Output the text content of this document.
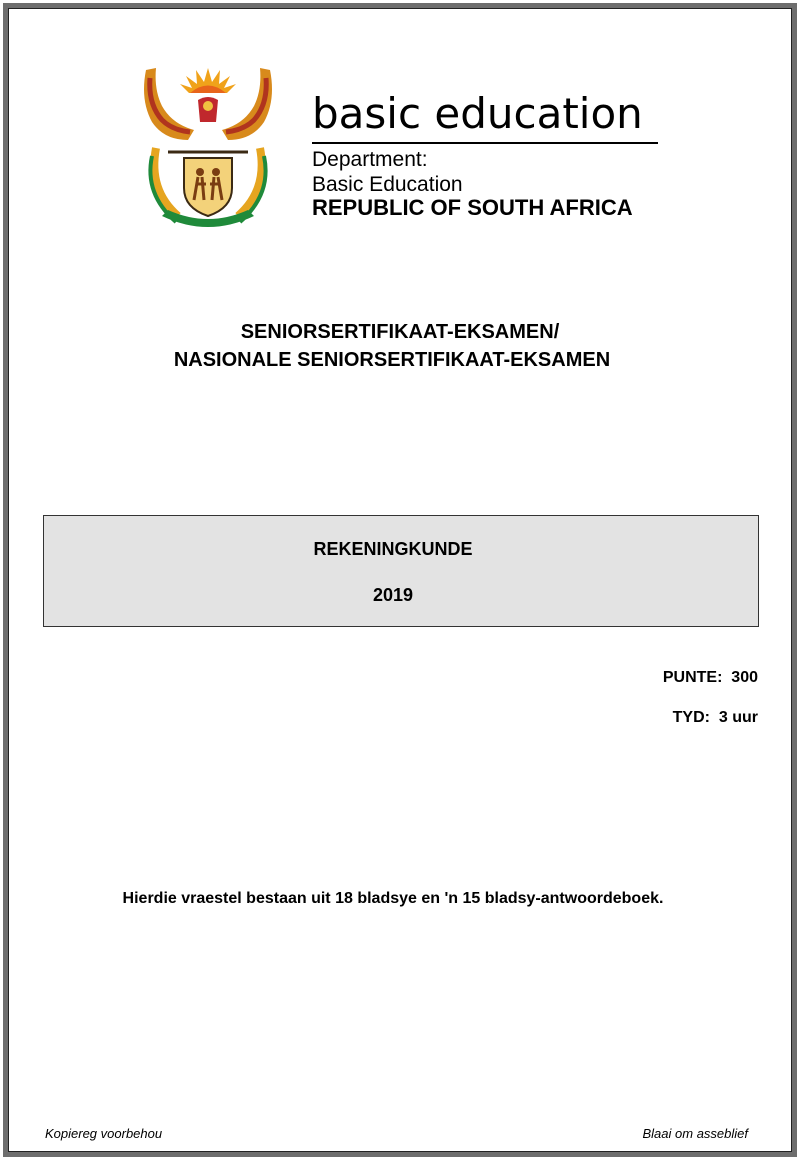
basic education
Department:
Basic Education
REPUBLIC OF SOUTH AFRICA
SENIORSERTIFIKAAT-EKSAMEN/
NASIONALE SENIORSERTIFIKAAT-EKSAMEN
REKENINGKUNDE
2019
PUNTE:  300
TYD:  3 uur
Hierdie vraestel bestaan uit 18 bladsye en 'n 15 bladsy-antwoordeboek.
Kopiereg voorbehou	Blaai om asseblief
